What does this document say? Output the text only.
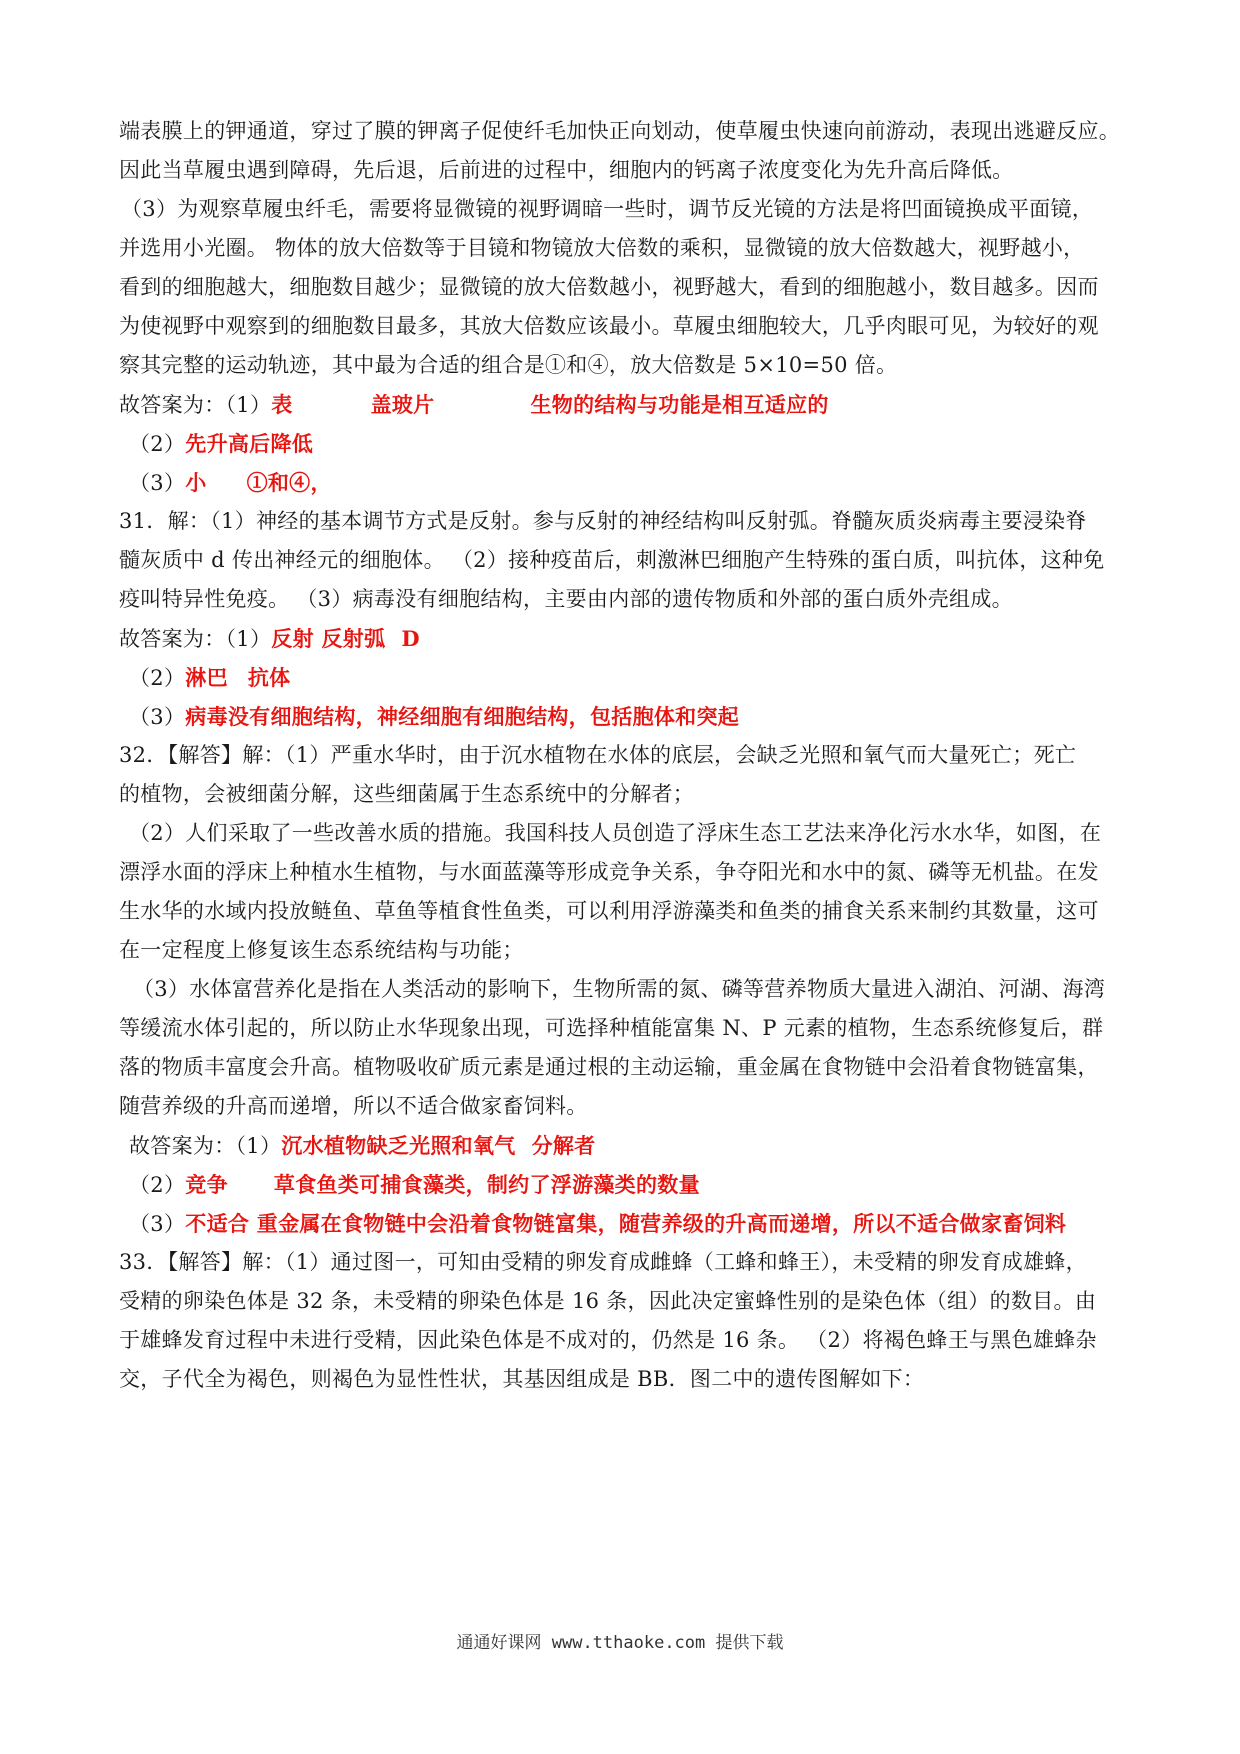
端表膜上的钾通道，穿过了膜的钾离子促使纤毛加快正向划动，使草履虫快速向前游动，表现出逃避反应。
因此当草履虫遇到障碍，先后退，后前进的过程中，细胞内的钙离子浓度变化为先升高后降低。
（3）为观察草履虫纤毛，需要将显微镜的视野调暗一些时，调节反光镜的方法是将凹面镜换成平面镜，
并选用小光圈。 物体的放大倍数等于目镜和物镜放大倍数的乘积，显微镜的放大倍数越大，视野越小，
看到的细胞越大，细胞数目越少；显微镜的放大倍数越小，视野越大，看到的细胞越小，数目越多。因而
为使视野中观察到的细胞数目最多，其放大倍数应该最小。草履虫细胞较大，几乎肉眼可见，为较好的观
察其完整的运动轨迹，其中最为合适的组合是①和④，放大倍数是 5×10=50 倍。
故答案为：（1）表	盖玻片	生物的结构与功能是相互适应的
（2）先升高后降低
（3）小 ①和④，
31．解：（1）神经的基本调节方式是反射。参与反射的神经结构叫反射弧。脊髓灰质炎病毒主要浸染脊
髓灰质中 d 传出神经元的细胞体。 （2）接种疫苗后，刺激淋巴细胞产生特殊的蛋白质，叫抗体，这种免
疫叫特异性免疫。 （3）病毒没有细胞结构，主要由内部的遗传物质和外部的蛋白质外壳组成。
故答案为：（1）反射 反射弧 D
（2）淋巴 抗体
（3）病毒没有细胞结构，神经细胞有细胞结构，包括胞体和突起
32．【解答】解：（1）严重水华时，由于沉水植物在水体的底层，会缺乏光照和氧气而大量死亡；死亡
的植物，会被细菌分解，这些细菌属于生态系统中的分解者；
（2）人们采取了一些改善水质的措施。我国科技人员创造了浮床生态工艺法来净化污水水华，如图，在
漂浮水面的浮床上种植水生植物，与水面蓝藻等形成竞争关系，争夺阳光和水中的氮、磷等无机盐。在发
生水华的水域内投放鲢鱼、草鱼等植食性鱼类，可以利用浮游藻类和鱼类的捕食关系来制约其数量，这可
在一定程度上修复该生态系统结构与功能；
（3）水体富营养化是指在人类活动的影响下，生物所需的氮、磷等营养物质大量进入湖泊、河湖、海湾
等缓流水体引起的，所以防止水华现象出现，可选择种植能富集 N、P 元素的植物，生态系统修复后，群
落的物质丰富度会升高。植物吸收矿质元素是通过根的主动运输，重金属在食物链中会沿着食物链富集，
随营养级的升高而递增，所以不适合做家畜饲料。
故答案为：（1）沉水植物缺乏光照和氧气 分解者
（2）竞争 草食鱼类可捕食藻类，制约了浮游藻类的数量
（3）不适合 重金属在食物链中会沿着食物链富集，随营养级的升高而递增，所以不适合做家畜饲料
33．【解答】解：（1）通过图一，可知由受精的卵发育成雌蜂（工蜂和蜂王），未受精的卵发育成雄蜂，
受精的卵染色体是 32 条，未受精的卵染色体是 16 条，因此决定蜜蜂性别的是染色体（组）的数目。由
于雄蜂发育过程中未进行受精，因此染色体是不成对的，仍然是 16 条。 （2）将褐色蜂王与黑色雄蜂杂
交，子代全为褐色，则褐色为显性性状，其基因组成是 BB．图二中的遗传图解如下：
通通好课网 www.tthaoke.com 提供下载
